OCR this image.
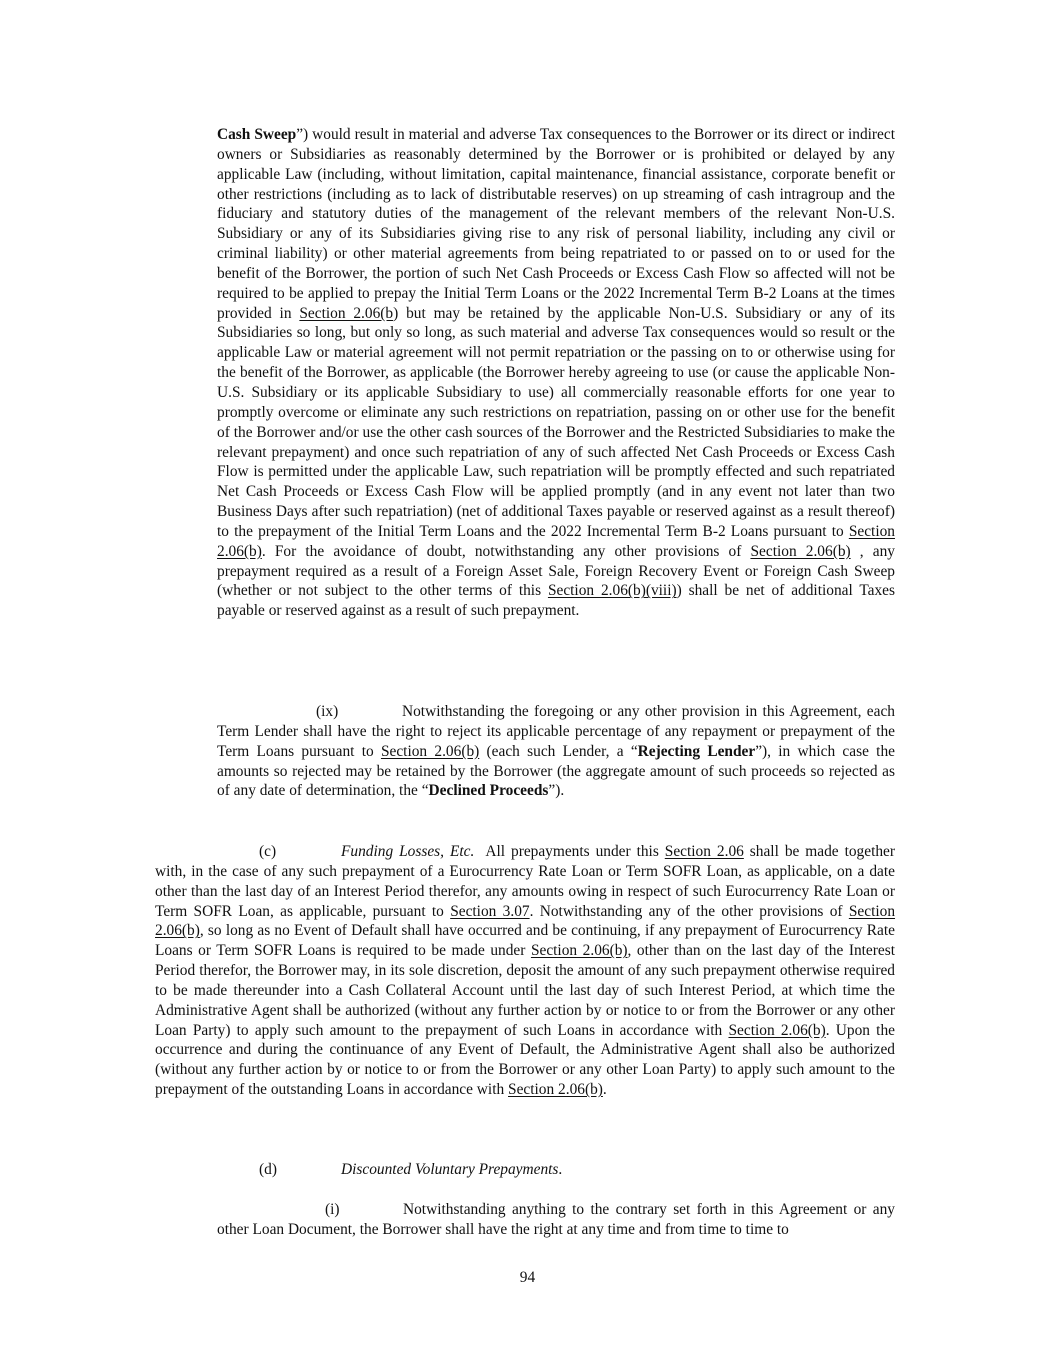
Cash Sweep”) would result in material and adverse Tax consequences to the Borrower or its direct or indirect owners or Subsidiaries as reasonably determined by the Borrower or is prohibited or delayed by any applicable Law (including, without limitation, capital maintenance, financial assistance, corporate benefit or other restrictions (including as to lack of distributable reserves) on up streaming of cash intragroup and the fiduciary and statutory duties of the management of the relevant members of the relevant Non-U.S. Subsidiary or any of its Subsidiaries giving rise to any risk of personal liability, including any civil or criminal liability) or other material agreements from being repatriated to or passed on to or used for the benefit of the Borrower, the portion of such Net Cash Proceeds or Excess Cash Flow so affected will not be required to be applied to prepay the Initial Term Loans or the 2022 Incremental Term B-2 Loans at the times provided in Section 2.06(b) but may be retained by the applicable Non-U.S. Subsidiary or any of its Subsidiaries so long, but only so long, as such material and adverse Tax consequences would so result or the applicable Law or material agreement will not permit repatriation or the passing on to or otherwise using for the benefit of the Borrower, as applicable (the Borrower hereby agreeing to use (or cause the applicable Non-U.S. Subsidiary or its applicable Subsidiary to use) all commercially reasonable efforts for one year to promptly overcome or eliminate any such restrictions on repatriation, passing on or other use for the benefit of the Borrower and/or use the other cash sources of the Borrower and the Restricted Subsidiaries to make the relevant prepayment) and once such repatriation of any of such affected Net Cash Proceeds or Excess Cash Flow is permitted under the applicable Law, such repatriation will be promptly effected and such repatriated Net Cash Proceeds or Excess Cash Flow will be applied promptly (and in any event not later than two Business Days after such repatriation) (net of additional Taxes payable or reserved against as a result thereof) to the prepayment of the Initial Term Loans and the 2022 Incremental Term B-2 Loans pursuant to Section 2.06(b). For the avoidance of doubt, notwithstanding any other provisions of Section 2.06(b) , any prepayment required as a result of a Foreign Asset Sale, Foreign Recovery Event or Foreign Cash Sweep (whether or not subject to the other terms of this Section 2.06(b)(viii)) shall be net of additional Taxes payable or reserved against as a result of such prepayment.

(ix)	Notwithstanding the foregoing or any other provision in this Agreement, each Term Lender shall have the right to reject its applicable percentage of any repayment or prepayment of the Term Loans pursuant to Section 2.06(b) (each such Lender, a “Rejecting Lender”), in which case the amounts so rejected may be retained by the Borrower (the aggregate amount of such proceeds so rejected as of any date of determination, the “Declined Proceeds”).

(c)	Funding Losses, Etc.  All prepayments under this Section 2.06 shall be made together with, in the case of any such prepayment of a Eurocurrency Rate Loan or Term SOFR Loan, as applicable, on a date other than the last day of an Interest Period therefor, any amounts owing in respect of such Eurocurrency Rate Loan or Term SOFR Loan, as applicable, pursuant to Section 3.07. Notwithstanding any of the other provisions of Section 2.06(b), so long as no Event of Default shall have occurred and be continuing, if any prepayment of Eurocurrency Rate Loans or Term SOFR Loans is required to be made under Section 2.06(b), other than on the last day of the Interest Period therefor, the Borrower may, in its sole discretion, deposit the amount of any such prepayment otherwise required to be made thereunder into a Cash Collateral Account until the last day of such Interest Period, at which time the Administrative Agent shall be authorized (without any further action by or notice to or from the Borrower or any other Loan Party) to apply such amount to the prepayment of such Loans in accordance with Section 2.06(b). Upon the occurrence and during the continuance of any Event of Default, the Administrative Agent shall also be authorized (without any further action by or notice to or from the Borrower or any other Loan Party) to apply such amount to the prepayment of the outstanding Loans in accordance with Section 2.06(b).

(d)	Discounted Voluntary Prepayments.

(i)	Notwithstanding anything to the contrary set forth in this Agreement or any other Loan Document, the Borrower shall have the right at any time and from time to time to

94
